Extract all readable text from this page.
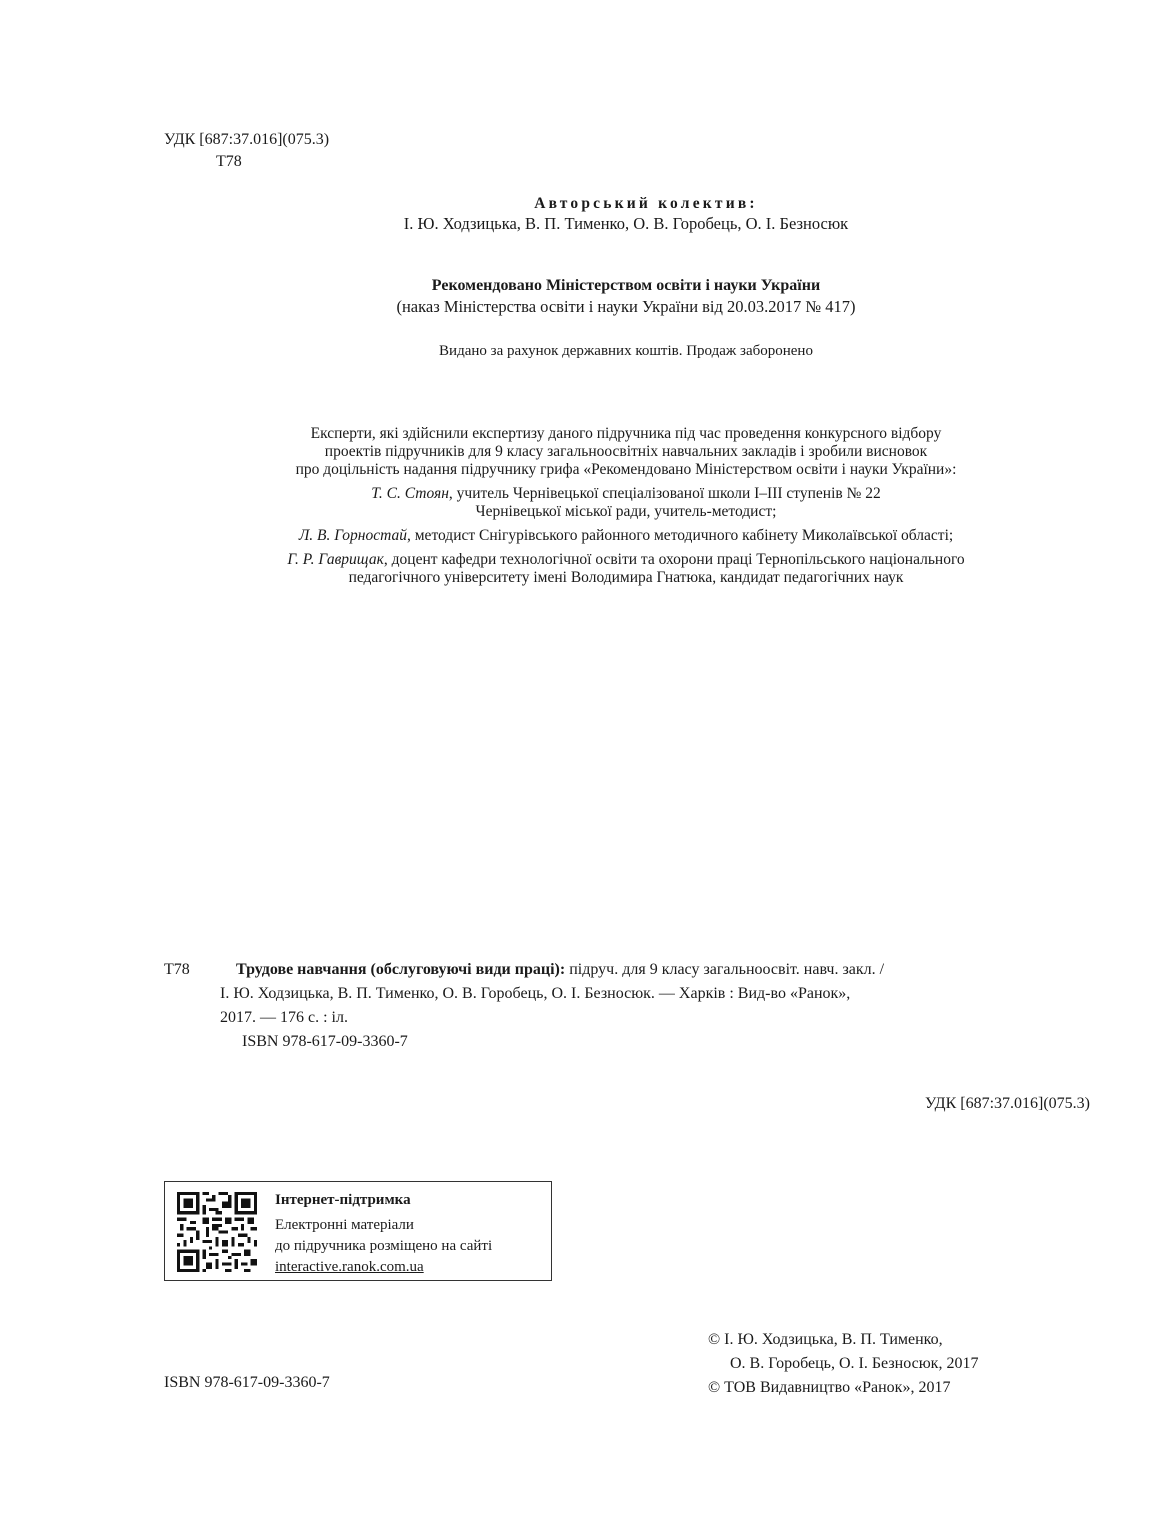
УДК [687:37.016](075.3)
Т78
Авторський колектив:
І. Ю. Ходзицька, В. П. Тименко, О. В. Горобець, О. І. Безносюк
Рекомендовано Міністерством освіти і науки України
(наказ Міністерства освіти і науки України від 20.03.2017 № 417)
Видано за рахунок державних коштів. Продаж заборонено
Експерти, які здійснили експертизу даного підручника під час проведення конкурсного відбору
проектів підручників для 9 класу загальноосвітніх навчальних закладів і зробили висновок
про доцільність надання підручнику грифа «Рекомендовано Міністерством освіти і науки України»:
Т. С. Стоян, учитель Чернівецької спеціалізованої школи І–ІІІ ступенів № 22
Чернівецької міської ради, учитель-методист;
Л. В. Горностай, методист Снігурівського районного методичного кабінету Миколаївської області;
Г. Р. Гаврищак, доцент кафедри технологічної освіти та охорони праці Тернопільського національного
педагогічного університету імені Володимира Гнатюка, кандидат педагогічних наук
Т78	Трудове навчання (обслуговуючі види праці): підруч. для 9 класу загальноосвіт. навч. закл. /
І. Ю. Ходзицька, В. П. Тименко, О. В. Горобець, О. І. Безносюк. — Харків : Вид-во «Ранок»,
2017. — 176 с. : іл.
ISBN 978-617-09-3360-7
УДК [687:37.016](075.3)
Інтернет-підтримка
Електронні матеріали
до підручника розміщено на сайті
interactive.ranok.com.ua
ISBN 978-617-09-3360-7
© І. Ю. Ходзицька, В. П. Тименко,
О. В. Горобець, О. І. Безносюк, 2017
© ТОВ Видавництво «Ранок», 2017
